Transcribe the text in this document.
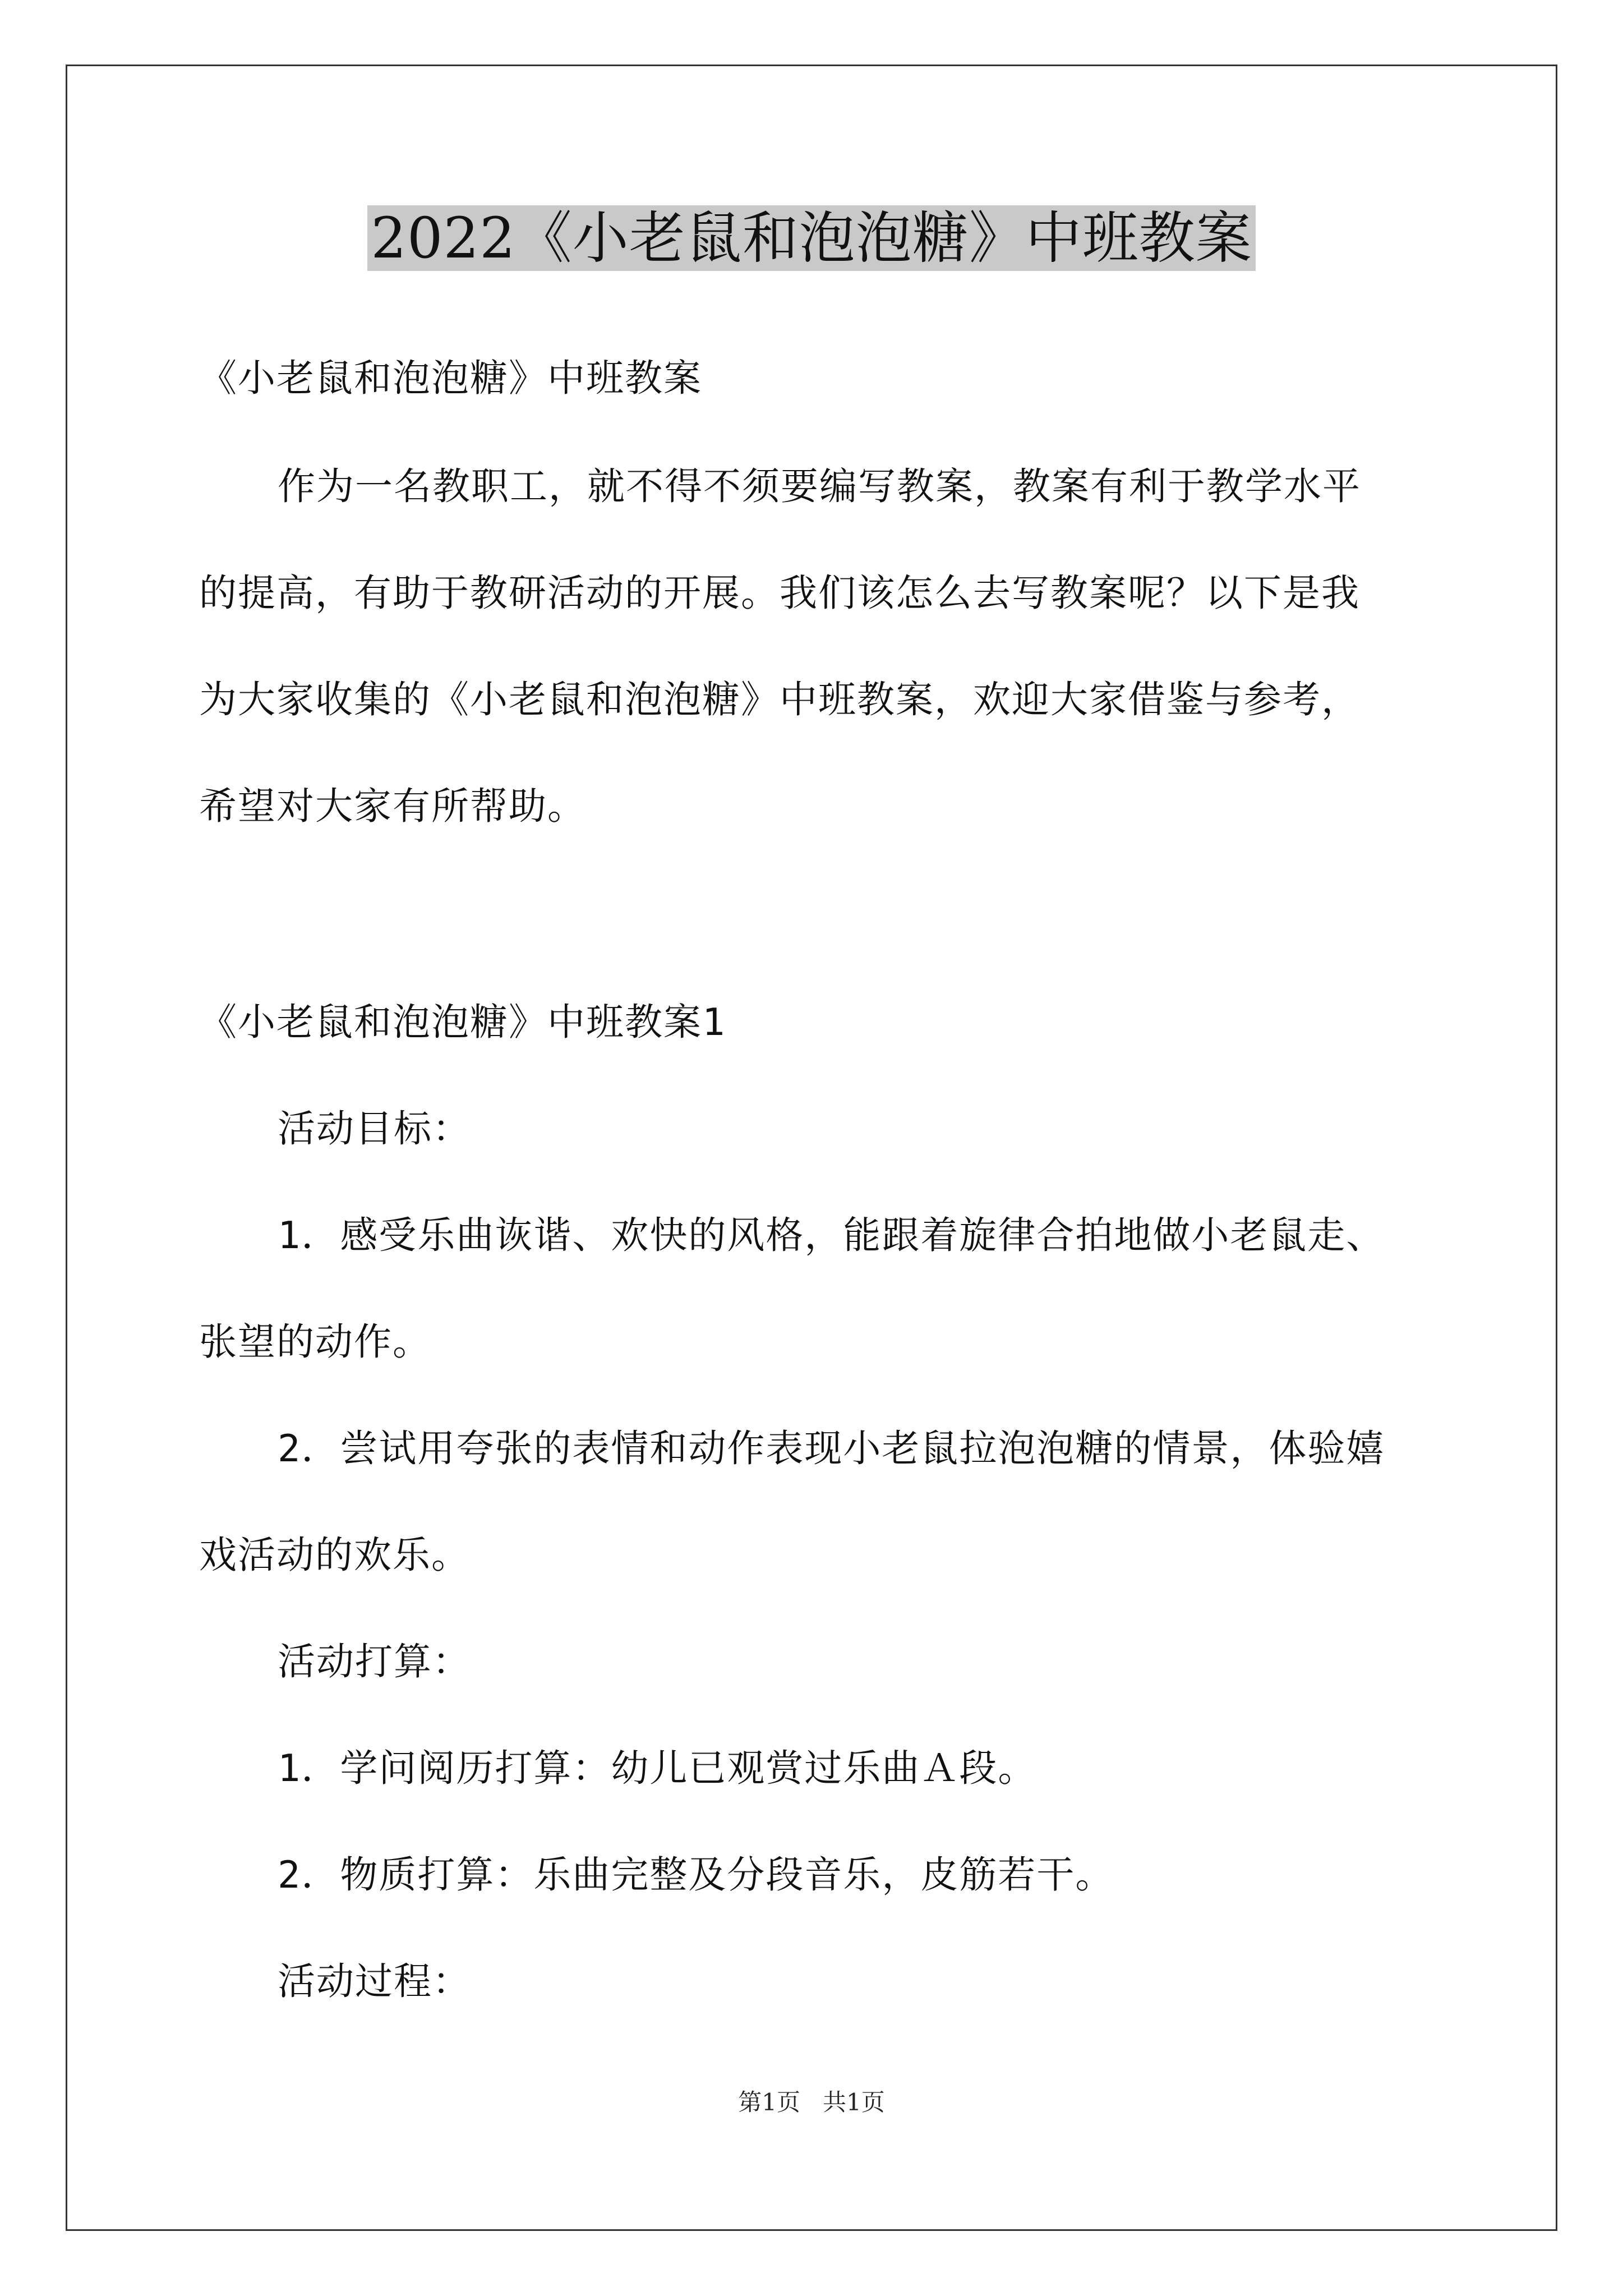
2022《小老鼠和泡泡糖》中班教案
《小老鼠和泡泡糖》中班教案
作为一名教职工，就不得不须要编写教案，教案有利于教学水平
的提高，有助于教研活动的开展。我们该怎么去写教案呢？以下是我
为大家收集的《小老鼠和泡泡糖》中班教案，欢迎大家借鉴与参考，
希望对大家有所帮助。
《小老鼠和泡泡糖》中班教案1
活动目标：
1．感受乐曲诙谐、欢快的风格，能跟着旋律合拍地做小老鼠走、
张望的动作。
2．尝试用夸张的表情和动作表现小老鼠拉泡泡糖的情景，体验嬉
戏活动的欢乐。
活动打算：
1．学问阅历打算：幼儿已观赏过乐曲Ａ段。
2．物质打算：乐曲完整及分段音乐，皮筋若干。
活动过程：
第1页 共1页
